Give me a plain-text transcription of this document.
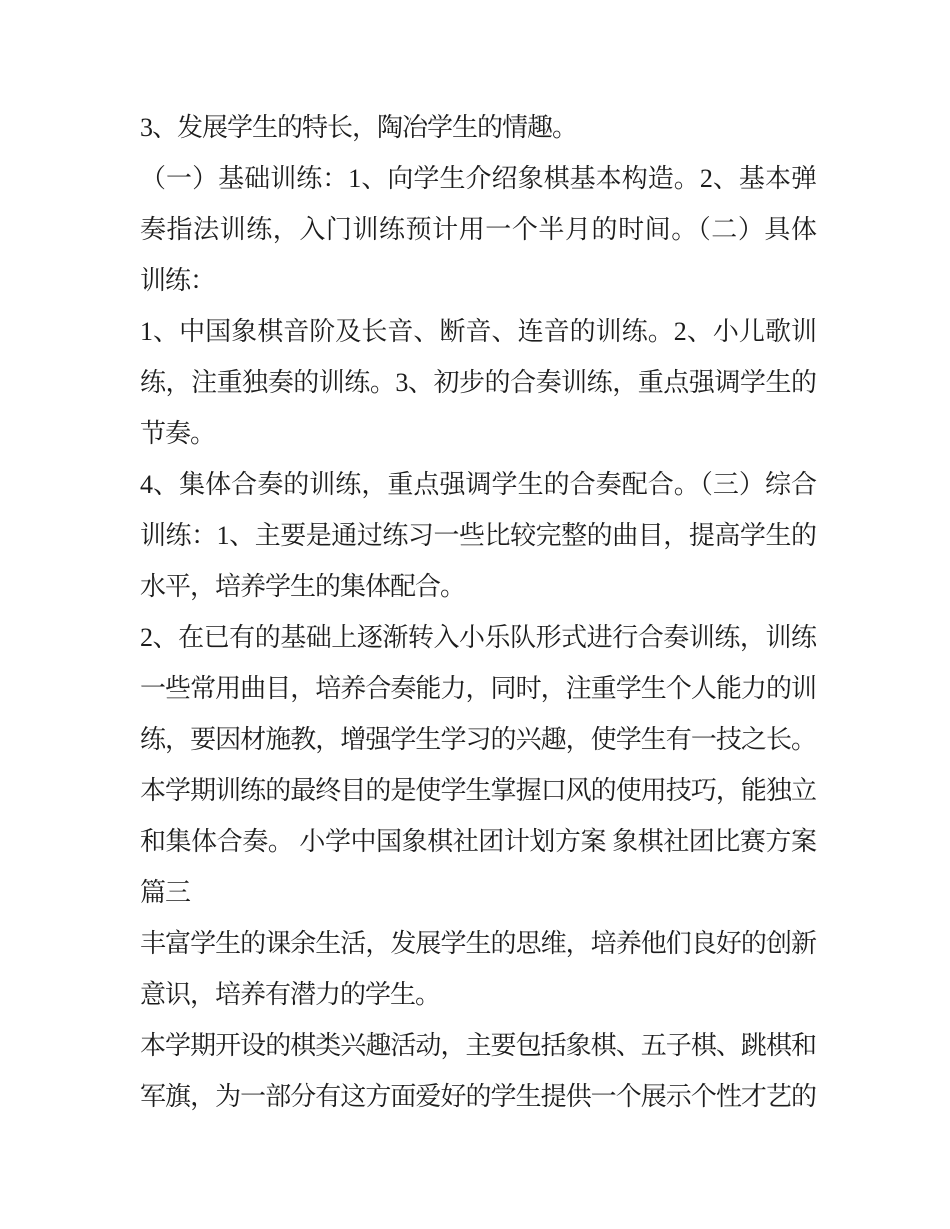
3、发展学生的特长，陶冶学生的情趣。
（一）基础训练：1、向学生介绍象棋基本构造。2、基本弹
奏指法训练，入门训练预计用一个半月的时间。（二）具体
训练：
1、中国象棋音阶及长音、断音、连音的训练。2、小儿歌训
练，注重独奏的训练。3、初步的合奏训练，重点强调学生的
节奏。
4、集体合奏的训练，重点强调学生的合奏配合。（三）综合
训练：1、主要是通过练习一些比较完整的曲目，提高学生的
水平，培养学生的集体配合。
2、在已有的基础上逐渐转入小乐队形式进行合奏训练，训练
一些常用曲目，培养合奏能力，同时，注重学生个人能力的训
练，要因材施教，增强学生学习的兴趣，使学生有一技之长。
本学期训练的最终目的是使学生掌握口风的使用技巧，能独立
和集体合奏。 小学中国象棋社团计划方案 象棋社团比赛方案
篇三
丰富学生的课余生活，发展学生的思维，培养他们良好的创新
意识，培养有潜力的学生。
本学期开设的棋类兴趣活动，主要包括象棋、五子棋、跳棋和
军旗，为一部分有这方面爱好的学生提供一个展示个性才艺的
